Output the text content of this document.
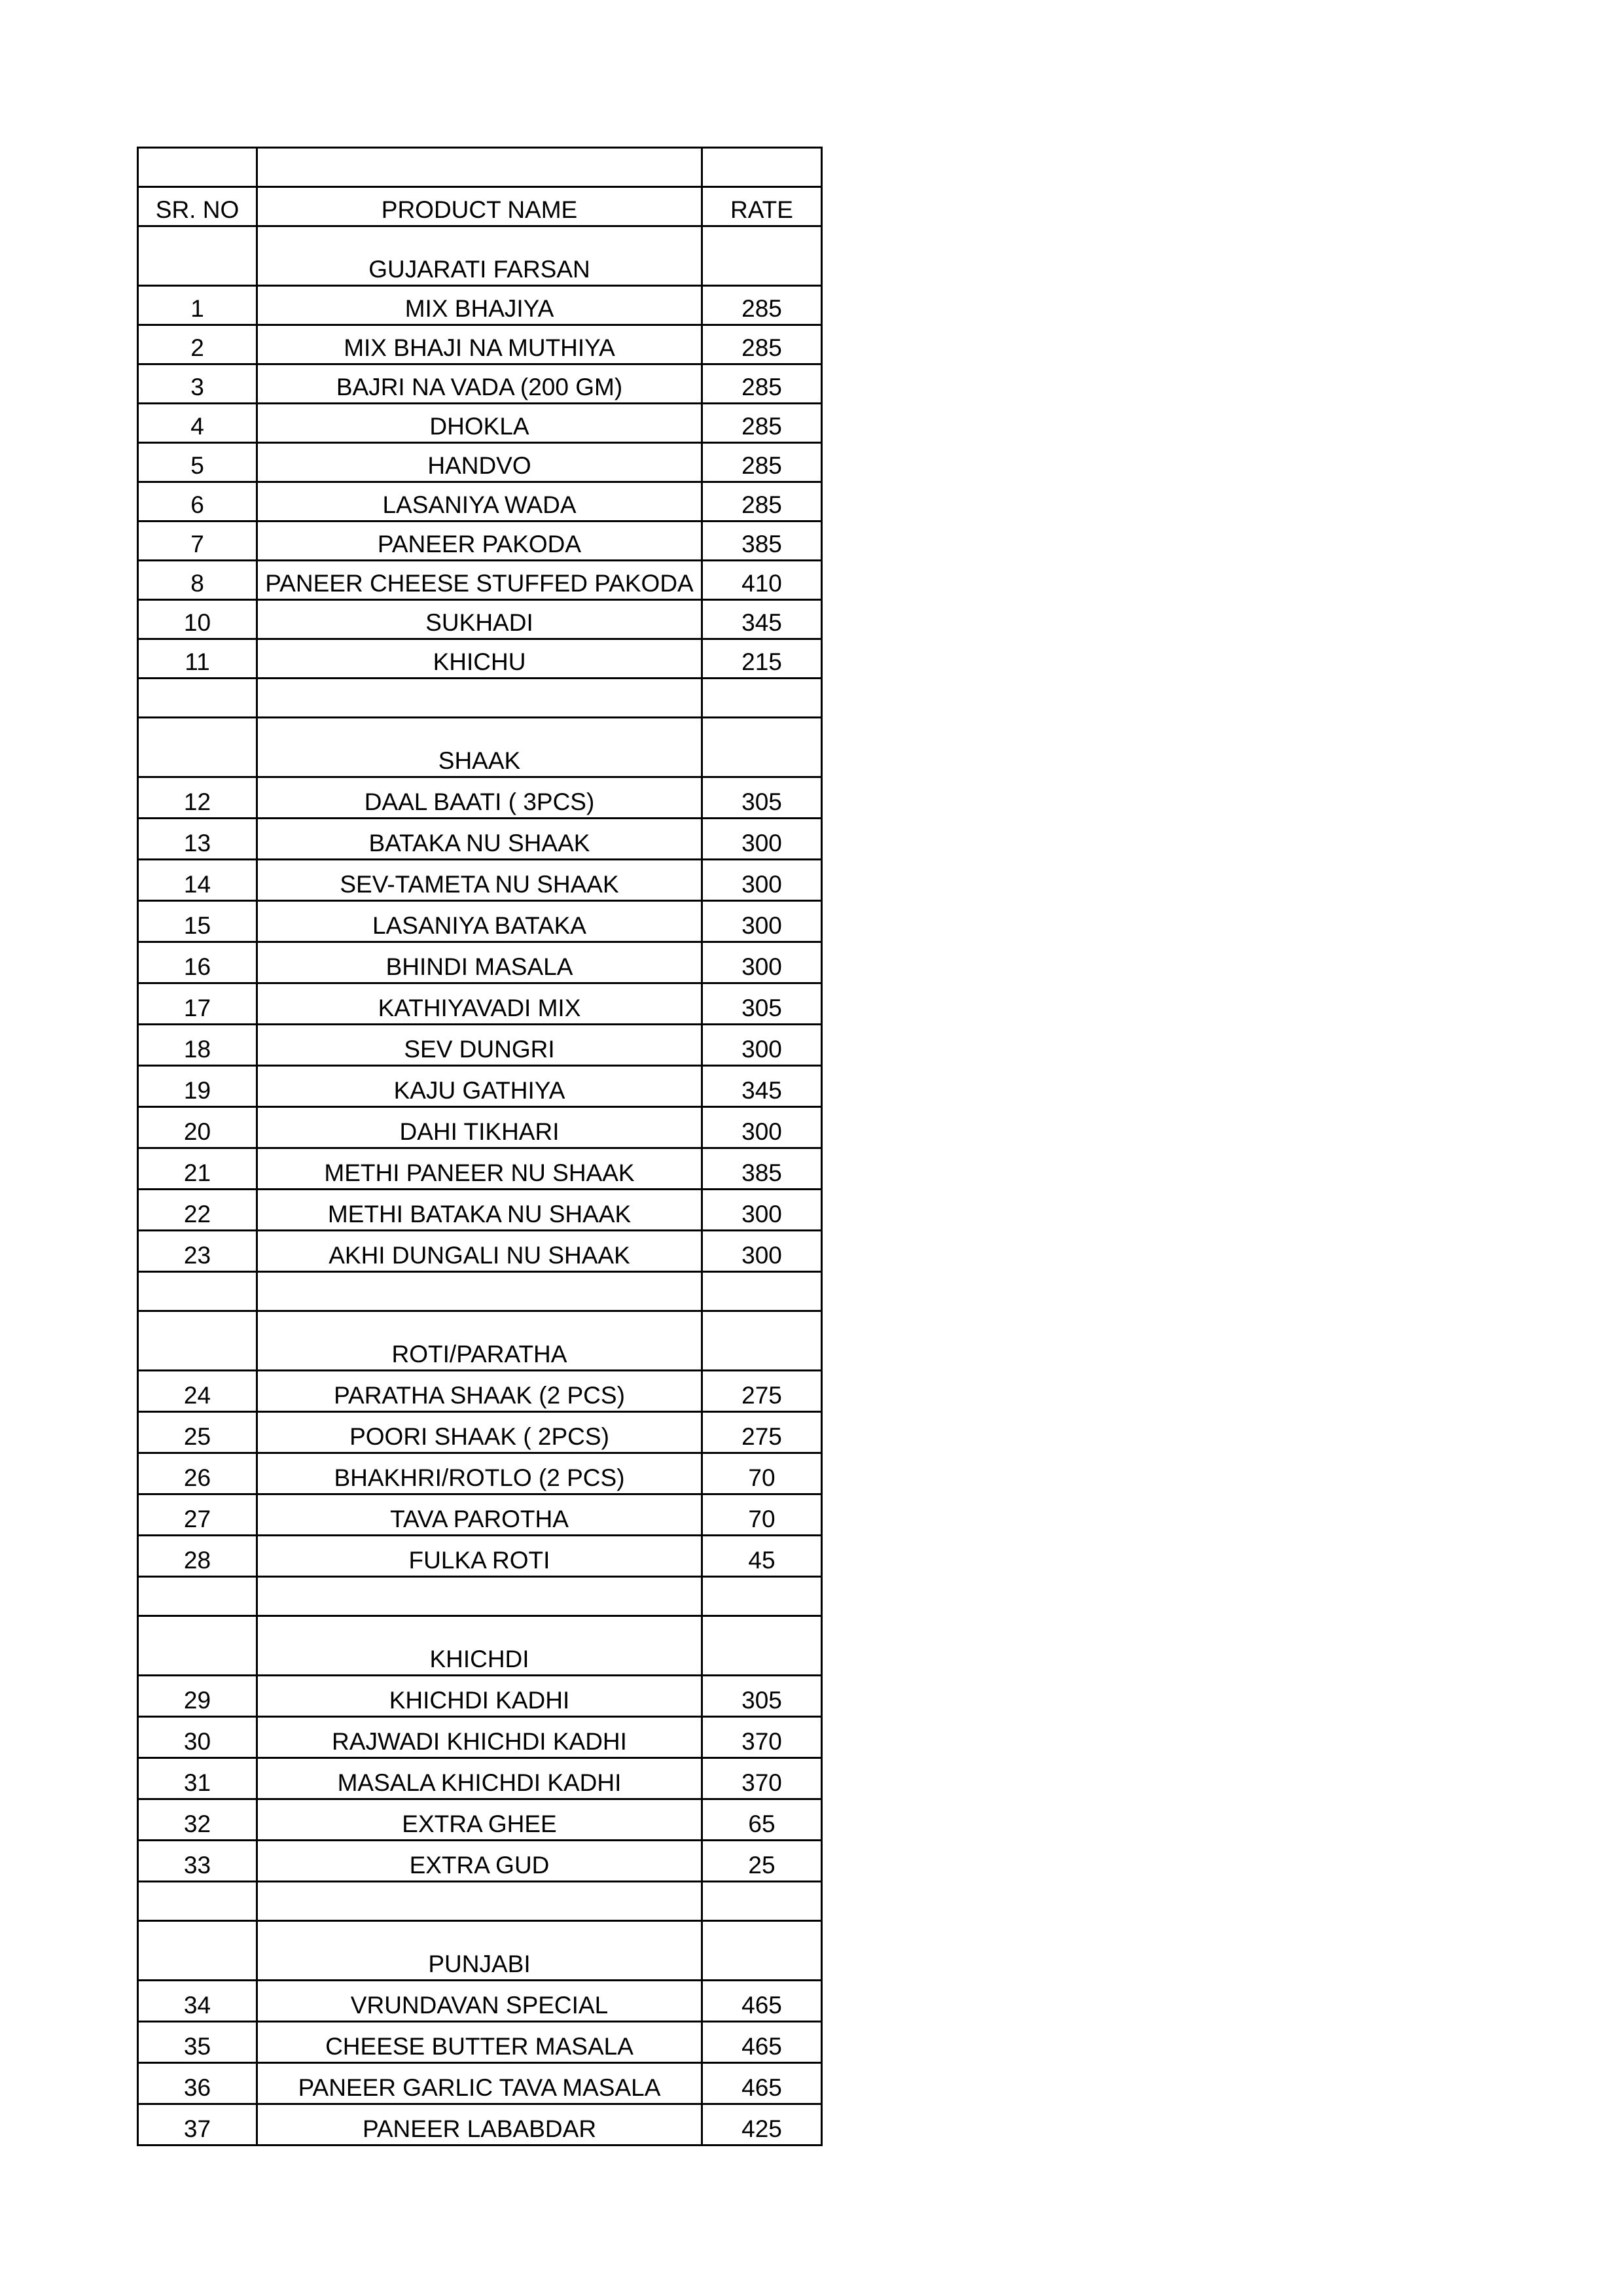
SR. NO	PRODUCT NAME	RATE
	GUJARATI FARSAN	
1	MIX BHAJIYA	285
2	MIX BHAJI NA MUTHIYA	285
3	BAJRI NA VADA (200 GM)	285
4	DHOKLA	285
5	HANDVO	285
6	LASANIYA WADA	285
7	PANEER PAKODA	385
8	PANEER CHEESE STUFFED PAKODA	410
10	SUKHADI	345
11	KHICHU	215

	SHAAK	
12	DAAL BAATI ( 3PCS)	305
13	BATAKA NU SHAAK	300
14	SEV-TAMETA NU SHAAK	300
15	LASANIYA BATAKA	300
16	BHINDI MASALA	300
17	KATHIYAVADI MIX	305
18	SEV DUNGRI	300
19	KAJU GATHIYA	345
20	DAHI TIKHARI	300
21	METHI PANEER NU SHAAK	385
22	METHI BATAKA NU SHAAK	300
23	AKHI DUNGALI NU SHAAK	300

	ROTI/PARATHA	
24	PARATHA SHAAK (2 PCS)	275
25	POORI SHAAK ( 2PCS)	275
26	BHAKHRI/ROTLO (2 PCS)	70
27	TAVA PAROTHA	70
28	FULKA ROTI	45

	KHICHDI	
29	KHICHDI KADHI	305
30	RAJWADI KHICHDI KADHI	370
31	MASALA KHICHDI KADHI	370
32	EXTRA GHEE	65
33	EXTRA GUD	25

	PUNJABI	
34	VRUNDAVAN SPECIAL	465
35	CHEESE BUTTER MASALA	465
36	PANEER GARLIC TAVA MASALA	465
37	PANEER LABABDAR	425
